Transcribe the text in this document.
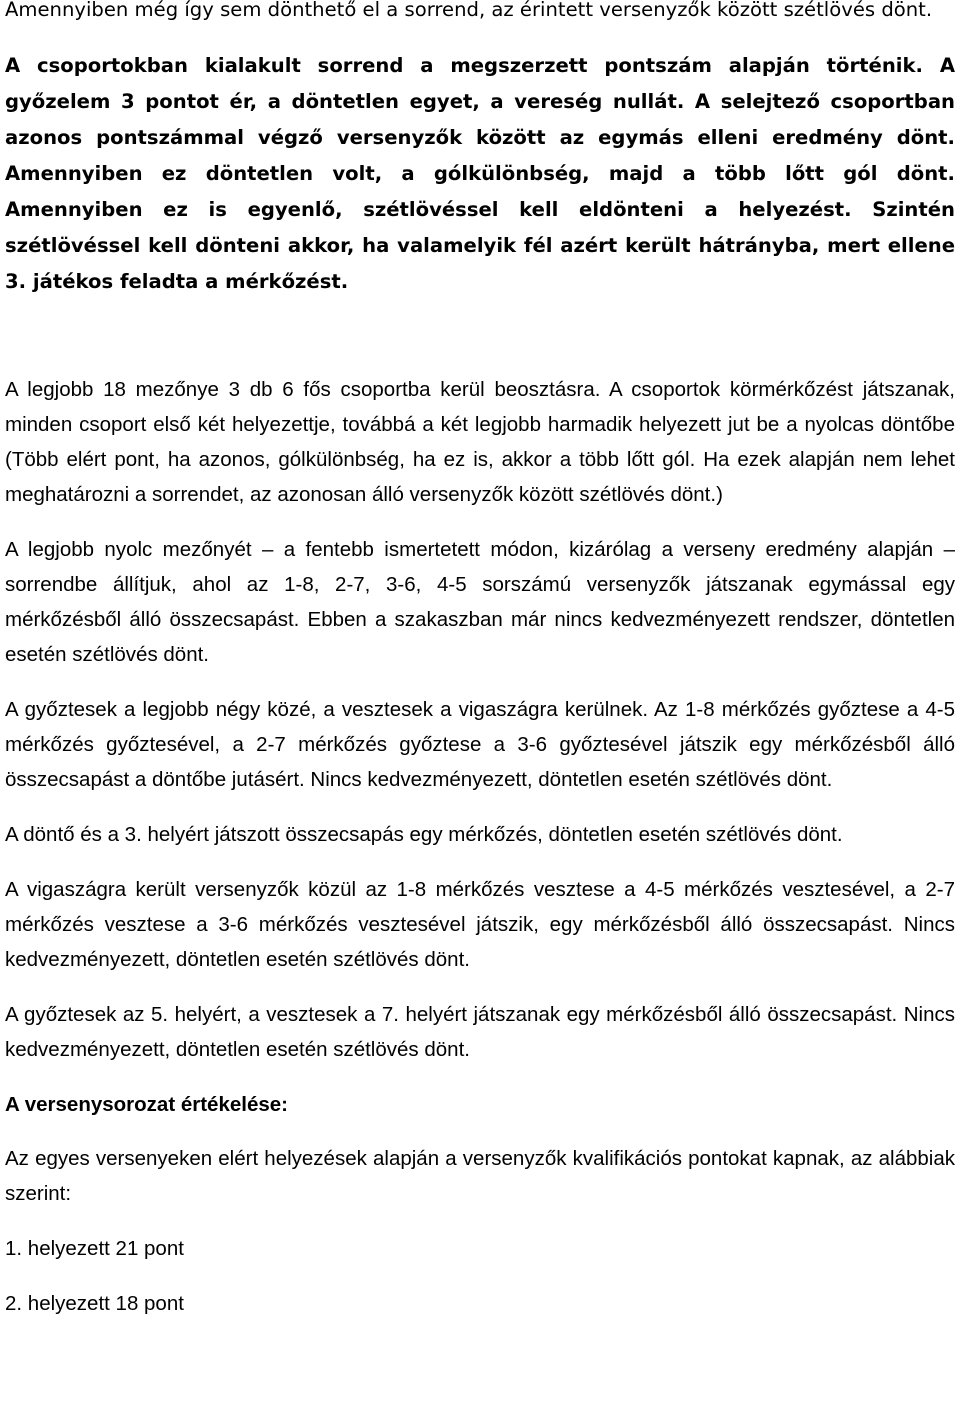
Amennyiben még így sem dönthető el a sorrend, az érintett versenyzők között szétlövés dönt.

A csoportokban kialakult sorrend a megszerzett pontszám alapján történik. A győzelem 3 pontot ér, a döntetlen egyet, a vereség nullát. A selejtező csoportban azonos pontszámmal végző versenyzők között az egymás elleni eredmény dönt. Amennyiben ez döntetlen volt, a gólkülönbség, majd a több lőtt gól dönt. Amennyiben ez is egyenlő, szétlövéssel kell eldönteni a helyezést. Szintén szétlövéssel kell dönteni akkor, ha valamelyik fél azért került hátrányba, mert ellene 3. játékos feladta a mérkőzést.

A legjobb 18 mezőnye 3 db 6 fős csoportba kerül beosztásra. A csoportok körmérkőzést játszanak, minden csoport első két helyezettje, továbbá a két legjobb harmadik helyezett jut be a nyolcas döntőbe (Több elért pont, ha azonos, gólkülönbség, ha ez is, akkor a több lőtt gól. Ha ezek alapján nem lehet meghatározni a sorrendet, az azonosan álló versenyzők között szétlövés dönt.)

A legjobb nyolc mezőnyét – a fentebb ismertetett módon, kizárólag a verseny eredmény alapján – sorrendbe állítjuk, ahol az 1-8, 2-7, 3-6, 4-5 sorszámú versenyzők játszanak egymással egy mérkőzésből álló összecsapást. Ebben a szakaszban már nincs kedvezményezett rendszer, döntetlen esetén szétlövés dönt.

A győztesek a legjobb négy közé, a vesztesek a vigaszágra kerülnek. Az 1-8 mérkőzés győztese a 4-5 mérkőzés győztesével, a 2-7 mérkőzés győztese a 3-6 győztesével játszik egy mérkőzésből álló összecsapást a döntőbe jutásért. Nincs kedvezményezett, döntetlen esetén szétlövés dönt.

A döntő és a 3. helyért játszott összecsapás egy mérkőzés, döntetlen esetén szétlövés dönt.

A vigaszágra került versenyzők közül az 1-8 mérkőzés vesztese a 4-5 mérkőzés vesztesével, a 2-7 mérkőzés vesztese a 3-6 mérkőzés vesztesével játszik, egy mérkőzésből álló összecsapást. Nincs kedvezményezett, döntetlen esetén szétlövés dönt.

A győztesek az 5. helyért, a vesztesek a 7. helyért játszanak egy mérkőzésből álló összecsapást. Nincs kedvezményezett, döntetlen esetén szétlövés dönt.

A versenysorozat értékelése:

Az egyes versenyeken elért helyezések alapján a versenyzők kvalifikációs pontokat kapnak, az alábbiak szerint:

1. helyezett 21 pont

2. helyezett 18 pont
